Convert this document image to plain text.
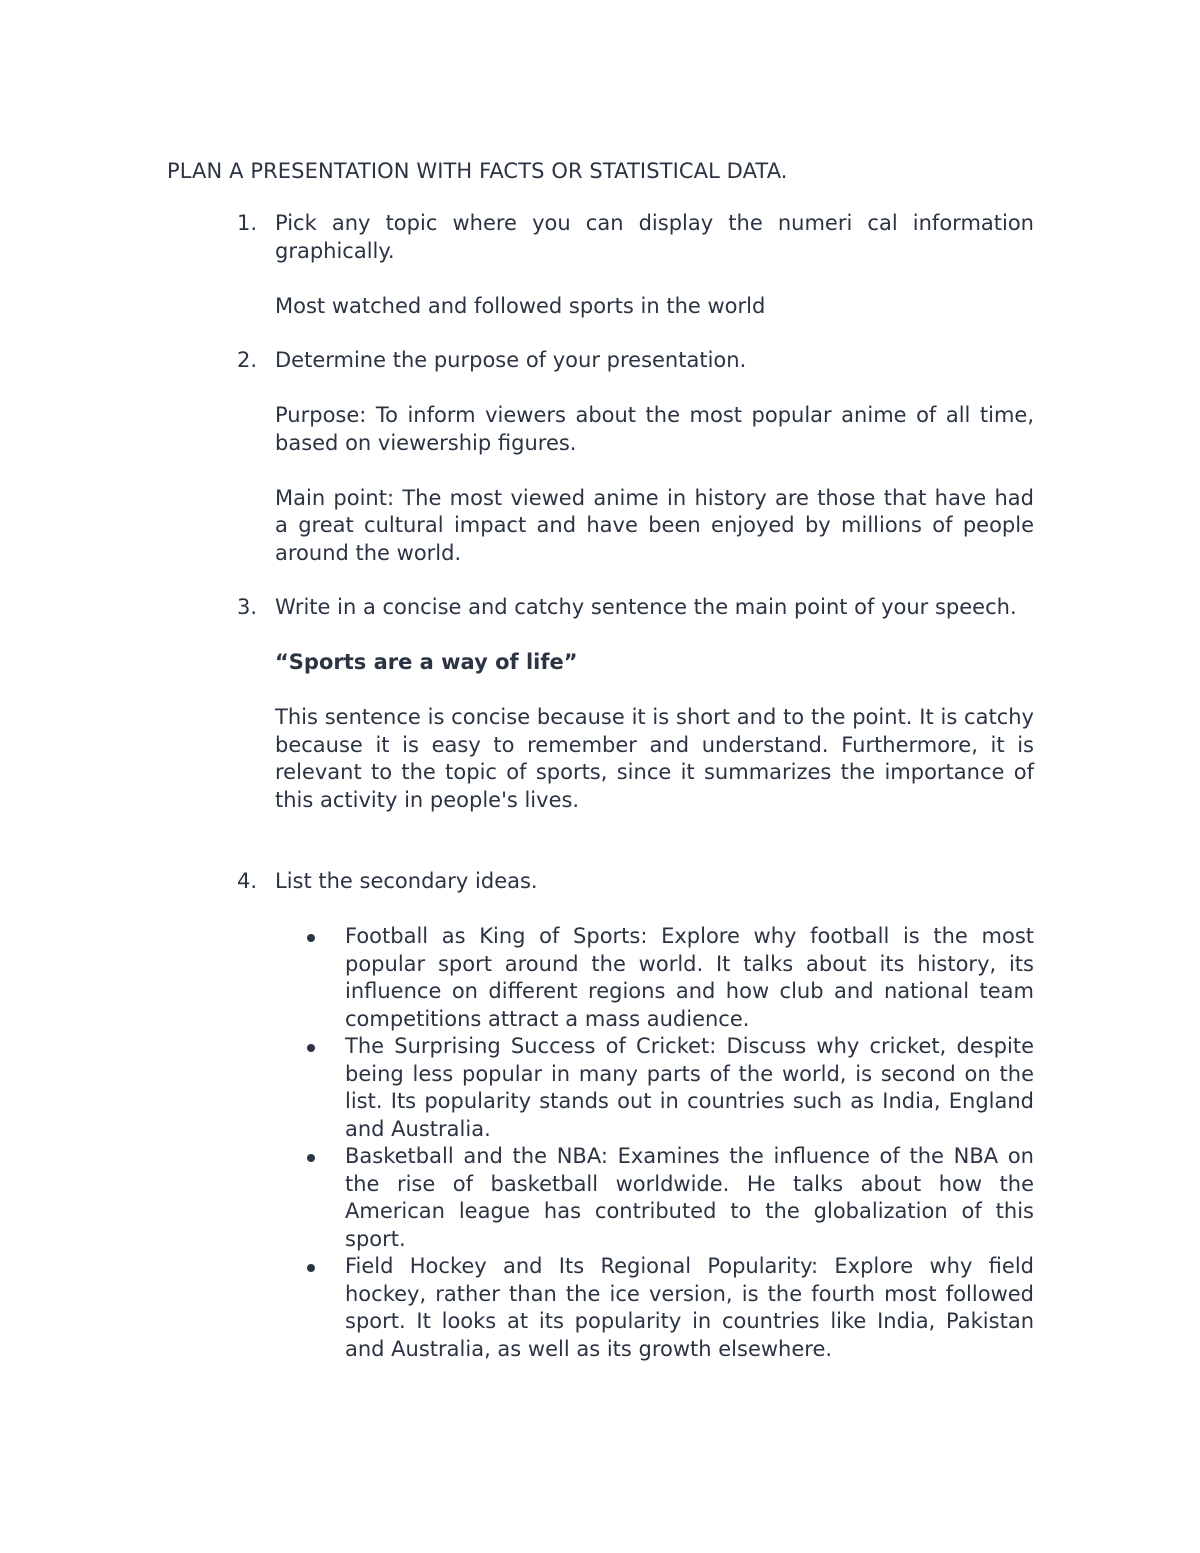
PLAN A PRESENTATION WITH FACTS OR STATISTICAL DATA.
1. Pick any topic where you can display the numeri cal information graphically.

Most watched and followed sports in the world

2. Determine the purpose of your presentation.

Purpose: To inform viewers about the most popular anime of all time, based on viewership figures.

Main point: The most viewed anime in history are those that have had a great cultural impact and have been enjoyed by millions of people around the world.

3. Write in a concise and catchy sentence the main point of your speech.

“Sports are a way of life”

This sentence is concise because it is short and to the point. It is catchy because it is easy to remember and understand. Furthermore, it is relevant to the topic of sports, since it summarizes the importance of this activity in people's lives.

4. List the secondary ideas.

Football as King of Sports: Explore why football is the most popular sport around the world. It talks about its history, its influence on different regions and how club and national team competitions attract a mass audience.
The Surprising Success of Cricket: Discuss why cricket, despite being less popular in many parts of the world, is second on the list. Its popularity stands out in countries such as India, England and Australia.
Basketball and the NBA: Examines the influence of the NBA on the rise of basketball worldwide. He talks about how the American league has contributed to the globalization of this sport.
Field Hockey and Its Regional Popularity: Explore why field hockey, rather than the ice version, is the fourth most followed sport. It looks at its popularity in countries like India, Pakistan and Australia, as well as its growth elsewhere.
